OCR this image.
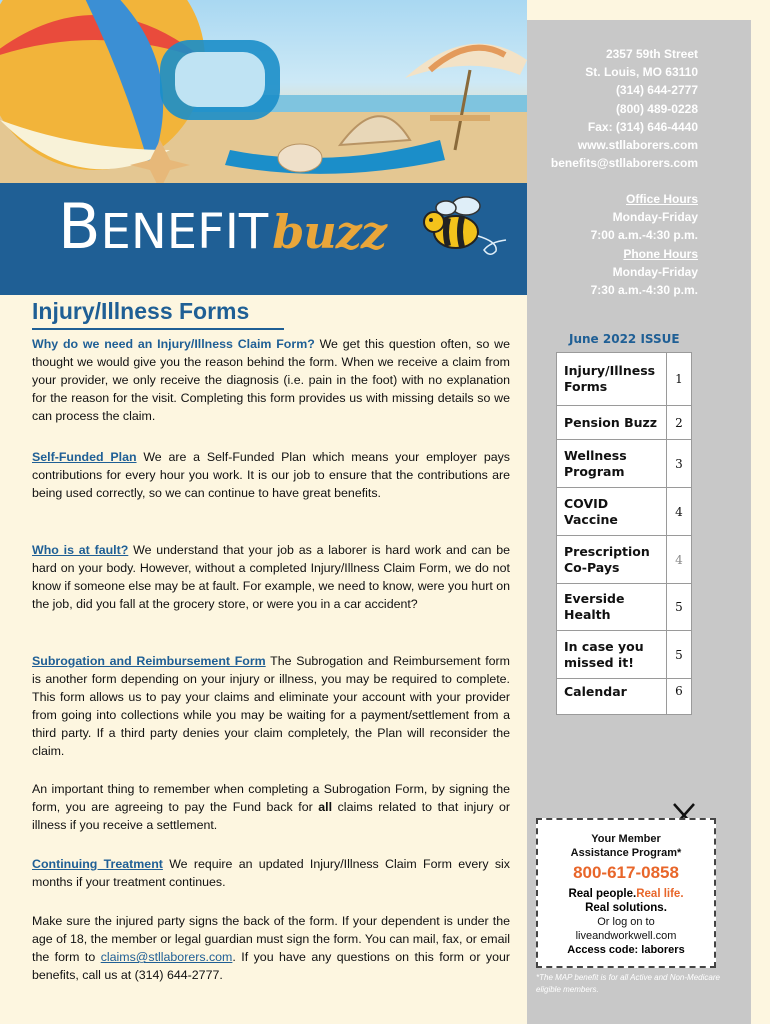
BENEFITbuzz
2357 59th Street
St. Louis, MO 63110
(314) 644-2777
(800) 489-0228
Fax: (314) 646-4440
www.stllaborers.com
benefits@stllaborers.com
Office Hours
Monday-Friday
7:00 a.m.-4:30 p.m.
Phone Hours
Monday-Friday
7:30 a.m.-4:30 p.m.
June 2022 ISSUE
Injury/Illness Forms	1
Pension Buzz	2
Wellness Program	3
COVID Vaccine	4
Prescription Co-Pays	4
Everside Health	5
In case you missed it!	5
Calendar	6
Your Member Assistance Program*
800-617-0858
Real people.Real life.
Real solutions.
Or log on to
liveandworkwell.com
Access code: laborers
*The MAP benefit is for all Active and Non-Medicare eligible members.
Injury/Illness Forms

Why do we need an Injury/Illness Claim Form? We get this question often, so we thought we would give you the reason behind the form. When we receive a claim from your provider, we only receive the diagnosis (i.e. pain in the foot) with no explanation for the reason for the visit. Completing this form provides us with missing details so we can process the claim.

Self-Funded Plan We are a Self-Funded Plan which means your employer pays contributions for every hour you work. It is our job to ensure that the contributions are being used correctly, so we can continue to have great benefits.

Who is at fault? We understand that your job as a laborer is hard work and can be hard on your body. However, without a completed Injury/Illness Claim Form, we do not know if someone else may be at fault. For example, we need to know, were you hurt on the job, did you fall at the grocery store, or were you in a car accident?

Subrogation and Reimbursement Form The Subrogation and Reimbursement form is another form depending on your injury or illness, you may be required to complete. This form allows us to pay your claims and eliminate your account with your provider from going into collections while you may be waiting for a payment/settlement from a third party. If a third party denies your claim completely, the Plan will reconsider the claim.

An important thing to remember when completing a Subrogation Form, by signing the form, you are agreeing to pay the Fund back for all claims related to that injury or illness if you receive a settlement.

Continuing Treatment We require an updated Injury/Illness Claim Form every six months if your treatment continues.

Make sure the injured party signs the back of the form. If your dependent is under the age of 18, the member or legal guardian must sign the form. You can mail, fax, or email the form to claims@stllaborers.com. If you have any questions on this form or your benefits, call us at (314) 644-2777.
